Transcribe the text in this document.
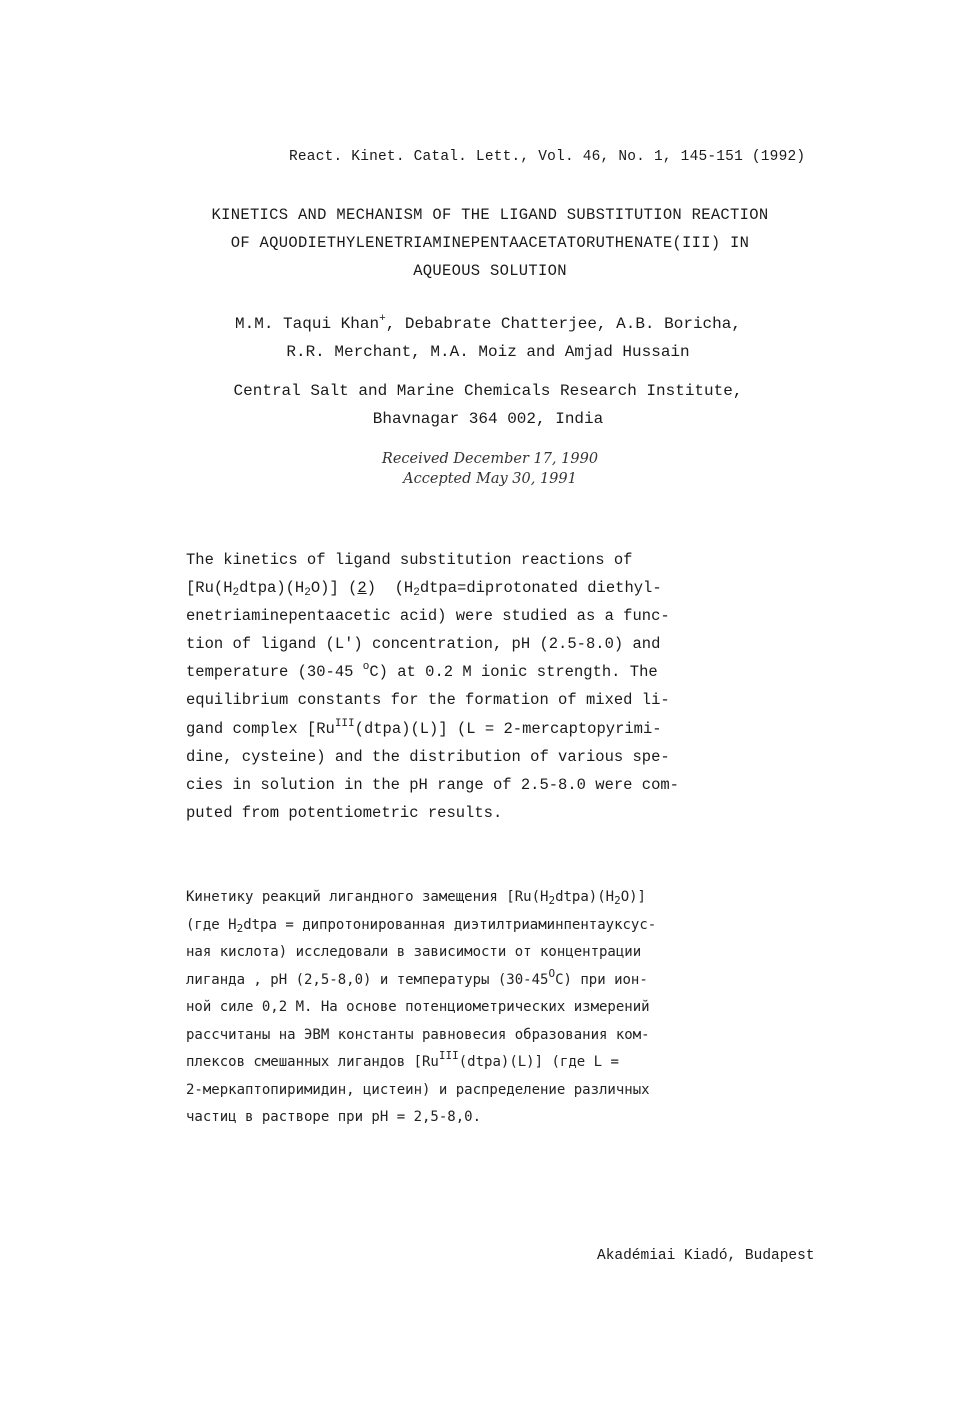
React. Kinet. Catal. Lett., Vol. 46, No. 1, 145-151 (1992)
KINETICS AND MECHANISM OF THE LIGAND SUBSTITUTION REACTION
OF AQUODIETHYLENETRIAMINEPENTAACETATORUTHENATE(III) IN
AQUEOUS SOLUTION
M.M. Taqui Khan+, Debabrate Chatterjee, A.B. Boricha,
R.R. Merchant, M.A. Moiz and Amjad Hussain
Central Salt and Marine Chemicals Research Institute,
Bhavnagar 364 002, India
Received December 17, 1990
Accepted May 30, 1991
The kinetics of ligand substitution reactions of
$[Ru(H_2dtpa)(H_2O)]$ (2)  ($H_2dtpa=diprotonated$ diethyl-
enetriaminepentaacetic acid) were studied as a func-
tion of ligand (L') concentration, pH (2.5-8.0) and
temperature (30-45 $^o$C) at 0.2 M ionic strength. The
equilibrium constants for the formation of mixed li-
gand complex $[Ru^{III}(dtpa)(L)] (L$ = 2-mercaptopyrimi-
dine, cysteine) and the distribution of various spe-
cies in solution in the pH range of 2.5-8.0 were com-
puted from potentiometric results.
Кинетику реакций лигандного замещения $[Ru(H_2dtpa)(H_2O)]$
(где $H_2dtpa$ = дипротонированная диэтилтриаминпентауксус-
ная кислота) исследовали в зависимости от концентрации
лиганда , pH (2,5-8,0) и температуры $(30-45^OC)$ при ион-
ной силе 0,2 М. На основе потенциометрических измерений
рассчитаны на ЭВМ константы равновесия образования ком-
плексов смешанных лигандов $[Ru^{III}(dtpa)(L)]$ (где L =
2-меркаптопиримидин, цистеин) и распределение различных
частиц в растворе при pH = 2,5-8,0.
Akadémiai Kiadó, Budapest
